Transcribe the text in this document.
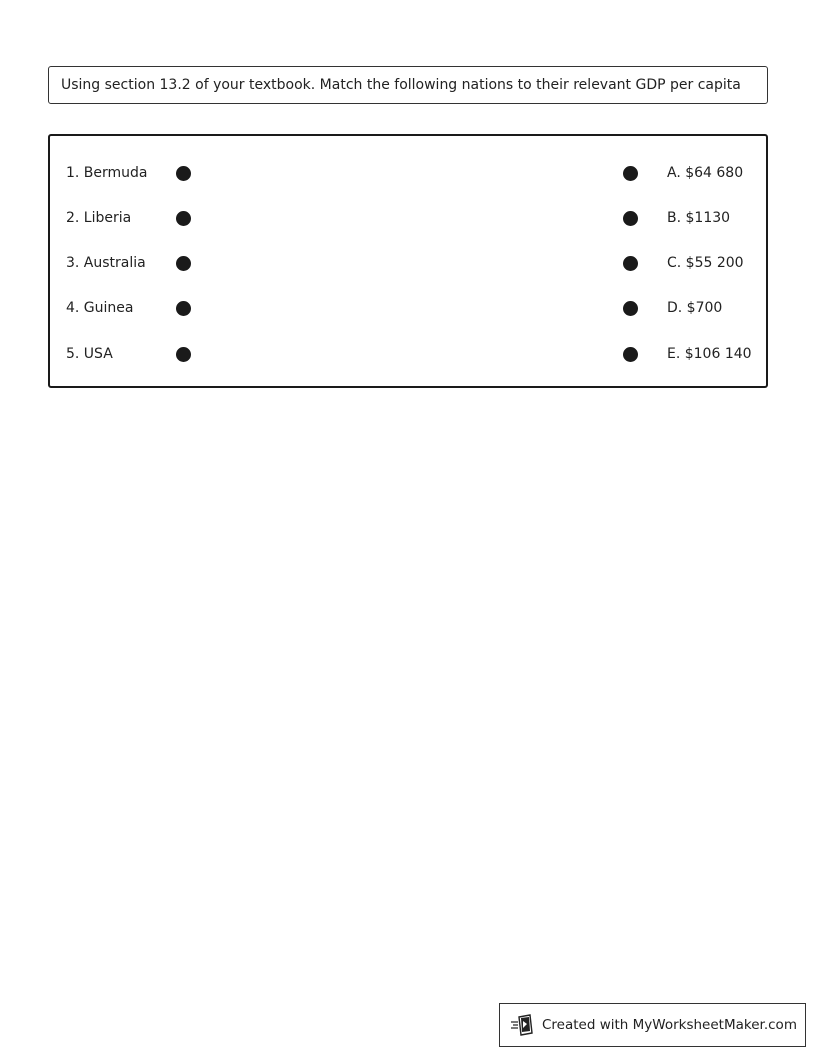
Using section 13.2 of your textbook. Match the following nations to their relevant GDP per capita
1. Bermuda	A. $64 680
2. Liberia	B. $1130
3. Australia	C. $55 200
4. Guinea	D. $700
5. USA	E. $106 140
Created with MyWorksheetMaker.com
